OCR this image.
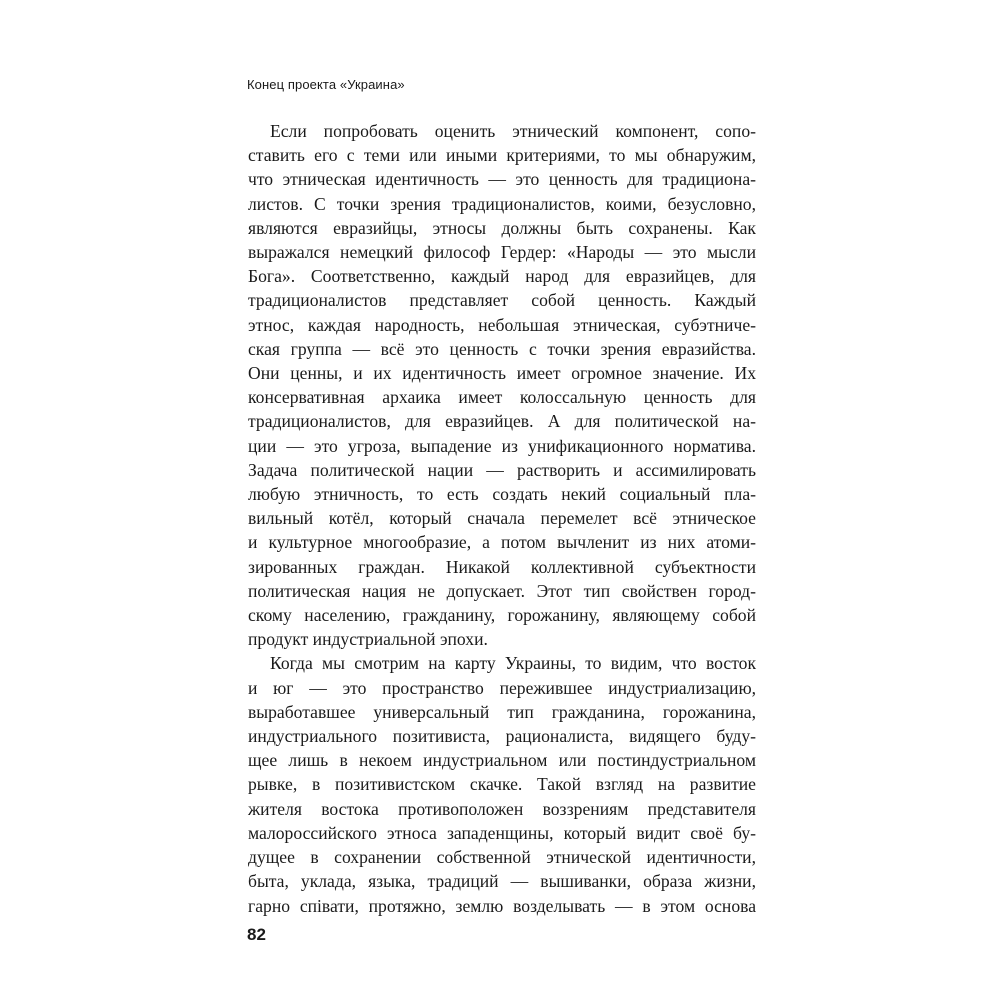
Конец проекта «Украина»
Если попробовать оценить этнический компонент, сопо-
ставить его с теми или иными критериями, то мы обнаружим,
что этническая идентичность — это ценность для традициона-
листов. С точки зрения традиционалистов, коими, безусловно,
являются евразийцы, этносы должны быть сохранены. Как
выражался немецкий философ Гердер: «Народы — это мысли
Бога». Соответственно, каждый народ для евразийцев, для
традиционалистов представляет собой ценность. Каждый
этнос, каждая народность, небольшая этническая, субэтниче-
ская группа — всё это ценность с точки зрения евразийства.
Они ценны, и их идентичность имеет огромное значение. Их
консервативная архаика имеет колоссальную ценность для
традиционалистов, для евразийцев. А для политической на-
ции — это угроза, выпадение из унификационного норматива.
Задача политической нации — растворить и ассимилировать
любую этничность, то есть создать некий социальный пла-
вильный котёл, который сначала перемелет всё этническое
и культурное многообразие, а потом вычленит из них атоми-
зированных граждан. Никакой коллективной субъектности
политическая нация не допускает. Этот тип свойствен город-
скому населению, гражданину, горожанину, являющему собой
продукт индустриальной эпохи.
Когда мы смотрим на карту Украины, то видим, что восток
и юг — это пространство пережившее индустриализацию,
выработавшее универсальный тип гражданина, горожанина,
индустриального позитивиста, рационалиста, видящего буду-
щее лишь в некоем индустриальном или постиндустриальном
рывке, в позитивистском скачке. Такой взгляд на развитие
жителя востока противоположен воззрениям представителя
малороссийского этноса западенщины, который видит своё бу-
дущее в сохранении собственной этнической идентичности,
быта, уклада, языка, традиций — вышиванки, образа жизни,
гарно співати, протяжно, землю возделывать — в этом основа
82
